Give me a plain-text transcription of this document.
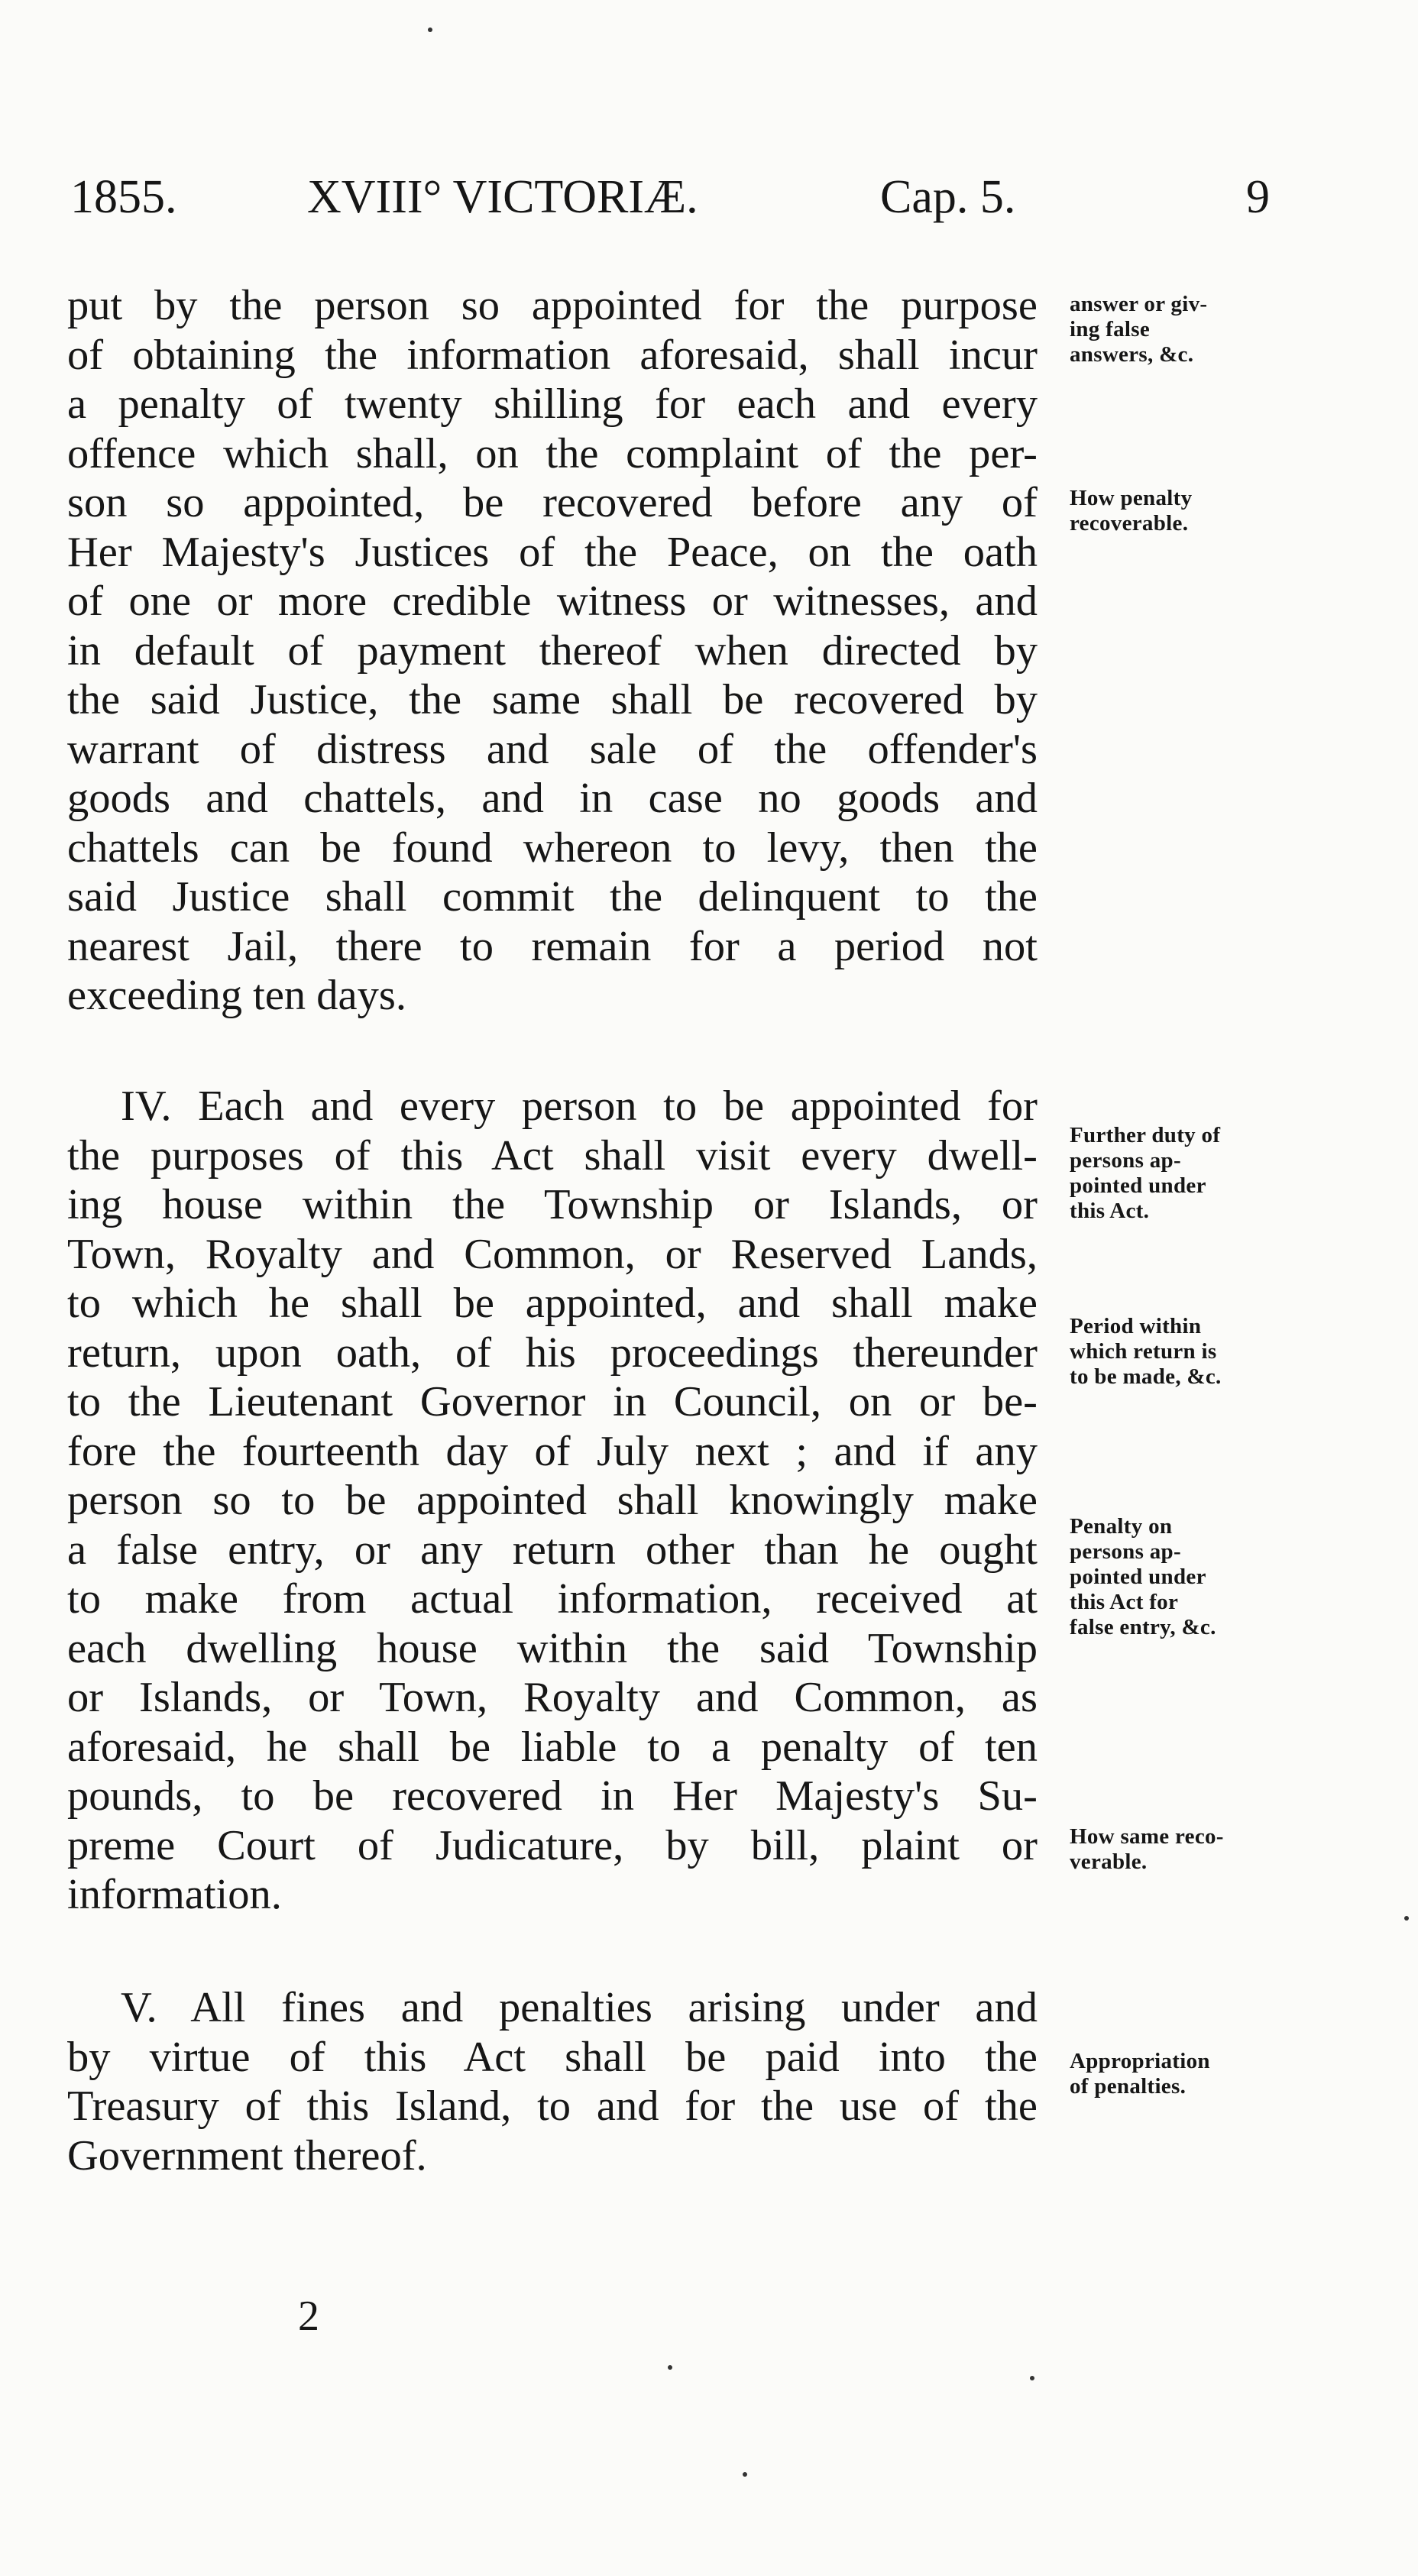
1855.	XVIII° VICTORIÆ.	Cap. 5.	9
put by the person so appointed for the purpose
of obtaining the information aforesaid, shall incur
a penalty of twenty shilling for each and every
offence which shall, on the complaint of the per-
son so appointed, be recovered before any of
Her Majesty's Justices of the Peace, on the oath
of one or more credible witness or witnesses, and
in default of payment thereof when directed by
the said Justice, the same shall be recovered by
warrant of distress and sale of the offender's
goods and chattels, and in case no goods and
chattels can be found whereon to levy, then the
said Justice shall commit the delinquent to the
nearest Jail, there to remain for a period not
exceeding ten days.
IV. Each and every person to be appointed for
the purposes of this Act shall visit every dwell-
ing house within the Township or Islands, or
Town, Royalty and Common, or Reserved Lands,
to which he shall be appointed, and shall make
return, upon oath, of his proceedings thereunder
to the Lieutenant Governor in Council, on or be-
fore the fourteenth day of July next ; and if any
person so to be appointed shall knowingly make
a false entry, or any return other than he ought
to make from actual information, received at
each dwelling house within the said Township
or Islands, or Town, Royalty and Common, as
aforesaid, he shall be liable to a penalty of ten
pounds, to be recovered in Her Majesty's Su-
preme Court of Judicature, by bill, plaint or
information.
V. All fines and penalties arising under and
by virtue of this Act shall be paid into the
Treasury of this Island, to and for the use of the
Government thereof.
answer or giv-
ing false
answers, &c.
How penalty
recoverable.
Further duty of
persons ap-
pointed under
this Act.
Period within
which return is
to be made, &c.
Penalty on
persons ap-
pointed under
this Act for
false entry, &c.
How same reco-
verable.
Appropriation
of penalties.
2
